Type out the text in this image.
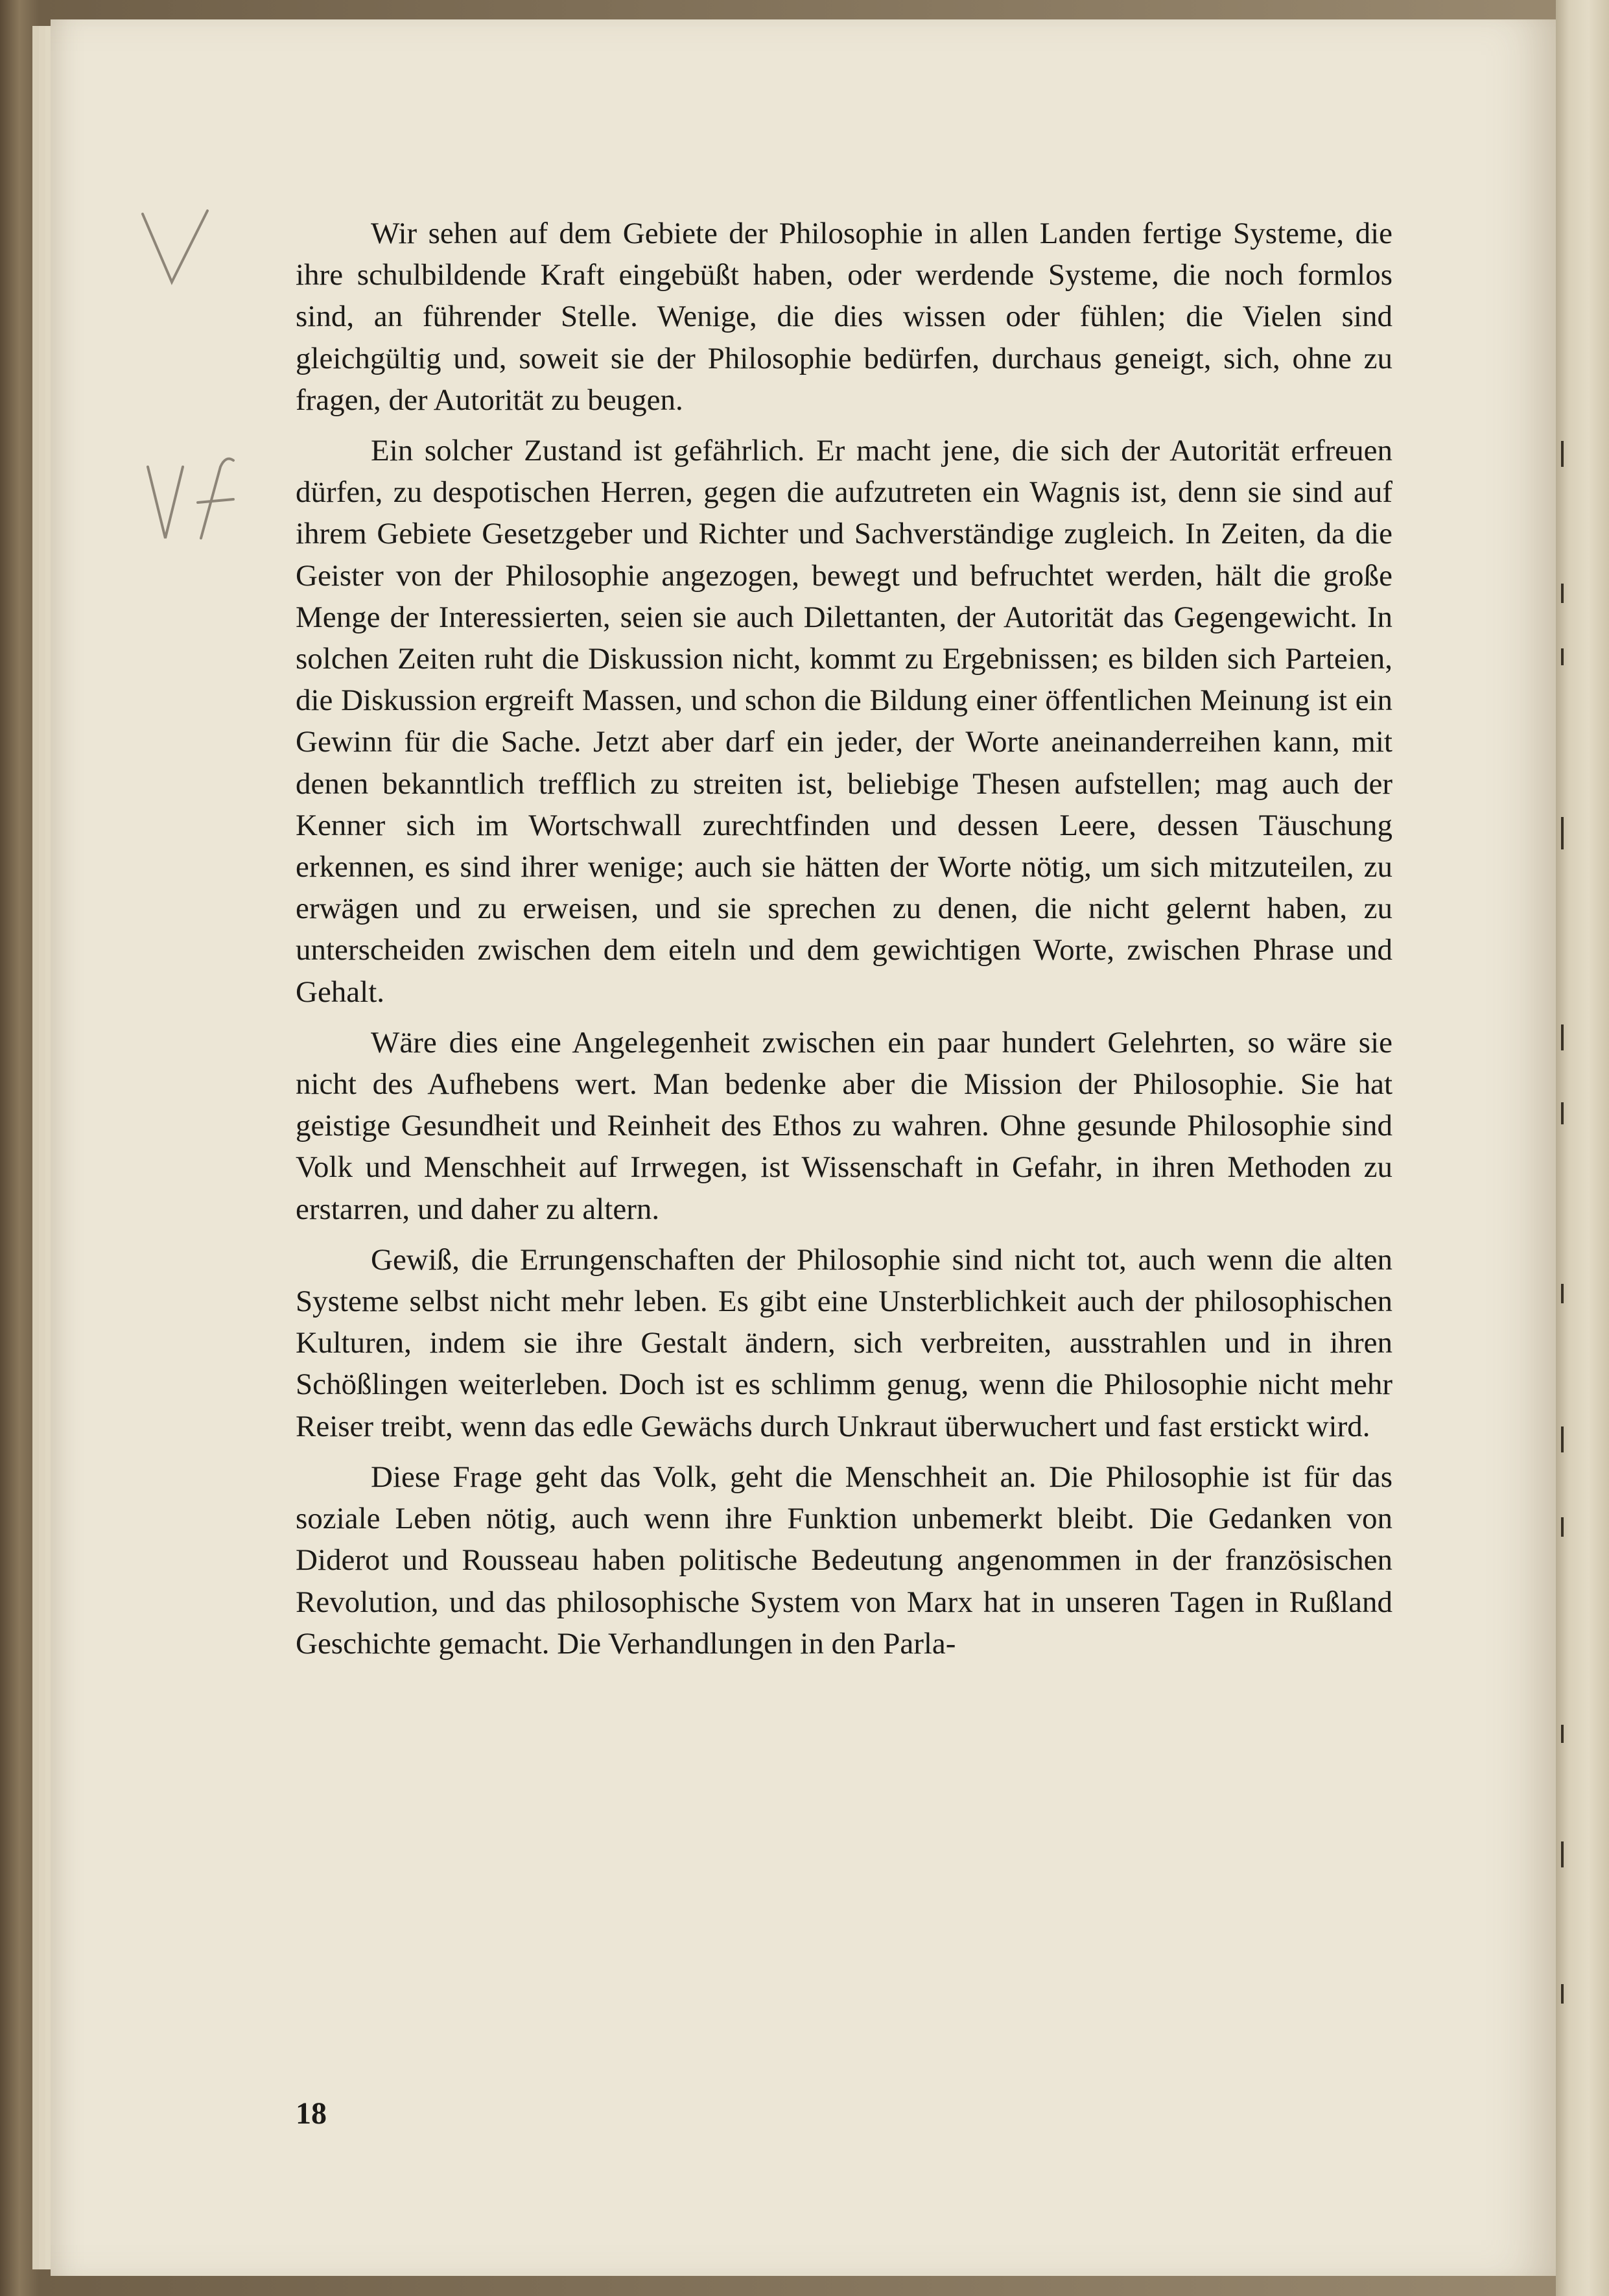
V
Vf

Wir sehen auf dem Gebiete der Philosophie in allen Landen fertige Systeme, die ihre schulbildende Kraft eingebüßt haben, oder werdende Systeme, die noch formlos sind, an führender Stelle. Wenige, die dies wissen oder fühlen; die Vielen sind gleichgültig und, soweit sie der Philosophie bedürfen, durchaus geneigt, sich, ohne zu fragen, der Autorität zu beugen.

Ein solcher Zustand ist gefährlich. Er macht jene, die sich der Autorität erfreuen dürfen, zu despotischen Herren, gegen die aufzutreten ein Wagnis ist, denn sie sind auf ihrem Gebiete Gesetzgeber und Richter und Sachverständige zugleich. In Zeiten, da die Geister von der Philosophie angezogen, bewegt und befruchtet werden, hält die große Menge der Interessierten, seien sie auch Dilettanten, der Autorität das Gegengewicht. In solchen Zeiten ruht die Diskussion nicht, kommt zu Ergebnissen; es bilden sich Parteien, die Diskussion ergreift Massen, und schon die Bildung einer öffentlichen Meinung ist ein Gewinn für die Sache. Jetzt aber darf ein jeder, der Worte aneinanderreihen kann, mit denen bekanntlich trefflich zu streiten ist, beliebige Thesen aufstellen; mag auch der Kenner sich im Wortschwall zurechtfinden und dessen Leere, dessen Täuschung erkennen, es sind ihrer wenige; auch sie hätten der Worte nötig, um sich mitzuteilen, zu erwägen und zu erweisen, und sie sprechen zu denen, die nicht gelernt haben, zu unterscheiden zwischen dem eiteln und dem gewichtigen Worte, zwischen Phrase und Gehalt.

Wäre dies eine Angelegenheit zwischen ein paar hundert Gelehrten, so wäre sie nicht des Aufhebens wert. Man bedenke aber die Mission der Philosophie. Sie hat geistige Gesundheit und Reinheit des Ethos zu wahren. Ohne gesunde Philosophie sind Volk und Menschheit auf Irrwegen, ist Wissenschaft in Gefahr, in ihren Methoden zu erstarren, und daher zu altern.

Gewiß, die Errungenschaften der Philosophie sind nicht tot, auch wenn die alten Systeme selbst nicht mehr leben. Es gibt eine Unsterblichkeit auch der philosophischen Kulturen, indem sie ihre Gestalt ändern, sich verbreiten, ausstrahlen und in ihren Schößlingen weiterleben. Doch ist es schlimm genug, wenn die Philosophie nicht mehr Reiser treibt, wenn das edle Gewächs durch Unkraut überwuchert und fast erstickt wird.

Diese Frage geht das Volk, geht die Menschheit an. Die Philosophie ist für das soziale Leben nötig, auch wenn ihre Funktion unbemerkt bleibt. Die Gedanken von Diderot und Rousseau haben politische Bedeutung angenommen in der französischen Revolution, und das philosophische System von Marx hat in unseren Tagen in Rußland Geschichte gemacht. Die Verhandlungen in den Parla-

18
